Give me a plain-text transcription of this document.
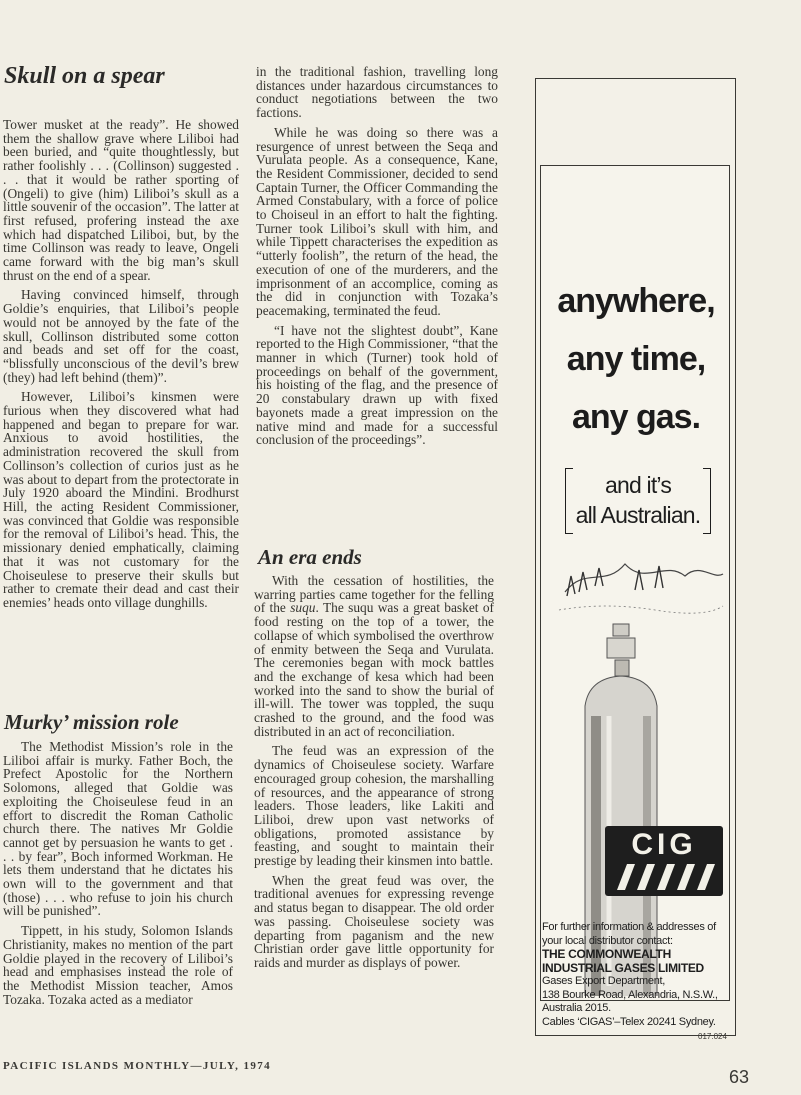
Skull on a spear

Tower musket at the ready”. He showed them the shallow grave where Liliboi had been buried, and “quite thoughtlessly, but rather foolishly . . . (Collinson) suggested . . . that it would be rather sporting of (Ongeli) to give (him) Liliboi’s skull as a little souvenir of the occasion”. The latter at first refused, profering instead the axe which had dispatched Liliboi, but, by the time Collinson was ready to leave, Ongeli came forward with the big man’s skull thrust on the end of a spear.

Having convinced himself, through Goldie’s enquiries, that Liliboi’s people would not be annoyed by the fate of the skull, Collinson distributed some cotton and beads and set off for the coast, “blissfully unconscious of the devil’s brew (they) had left behind (them)”.

However, Liliboi’s kinsmen were furious when they discovered what had happened and began to prepare for war. Anxious to avoid hostilities, the administration recovered the skull from Collinson’s collection of curios just as he was about to depart from the protectorate in July 1920 aboard the Mindini. Brodhurst Hill, the acting Resident Commissioner, was convinced that Goldie was responsible for the removal of Liliboi’s head. This, the missionary denied emphatically, claiming that it was not customary for the Choiseulese to preserve their skulls but rather to cremate their dead and cast their enemies’ heads onto village dunghills.

Murky’ mission role

The Methodist Mission’s role in the Liliboi affair is murky. Father Boch, the Prefect Apostolic for the Northern Solomons, alleged that Goldie was exploiting the Choiseulese feud in an effort to discredit the Roman Catholic church there. The natives Mr Goldie cannot get by persuasion he wants to get . . . by fear”, Boch informed Workman. He lets them understand that he dictates his own will to the government and that (those) . . . who refuse to join his church will be punished”.

Tippett, in his study, Solomon Islands Christianity, makes no mention of the part Goldie played in the recovery of Liliboi’s head and emphasises instead the role of the Methodist Mission teacher, Amos Tozaka. Tozaka acted as a mediator

in the traditional fashion, travelling long distances under hazardous circumstances to conduct negotiations between the two factions.

While he was doing so there was a resurgence of unrest between the Seqa and Vurulata people. As a consequence, Kane, the Resident Commissioner, decided to send Captain Turner, the Officer Commanding the Armed Constabulary, with a force of police to Choiseul in an effort to halt the fighting. Turner took Liliboi’s skull with him, and while Tippett characterises the expedition as “utterly foolish”, the return of the head, the execution of one of the murderers, and the imprisonment of an accomplice, coming as the did in conjunction with Tozaka’s peacemaking, terminated the feud.

“I have not the slightest doubt”, Kane reported to the High Commissioner, “that the manner in which (Turner) took hold of proceedings on behalf of the government, his hoisting of the flag, and the presence of 20 constabulary drawn up with fixed bayonets made a great impression on the native mind and made for a successful conclusion of the proceedings”.

An era ends

With the cessation of hostilities, the warring parties came together for the felling of the suqu. The suqu was a great basket of food resting on the top of a tower, the collapse of which symbolised the overthrow of enmity between the Seqa and Vurulata. The ceremonies began with mock battles and the exchange of kesa which had been worked into the sand to show the burial of ill-will. The tower was toppled, the suqu crashed to the ground, and the food was distributed in an act of reconciliation.

The feud was an expression of the dynamics of Choiseulese society. Warfare encouraged group cohesion, the marshalling of resources, and the appearance of strong leaders. Those leaders, like Lakiti and Liliboi, drew upon vast networks of obligations, promoted assistance by feasting, and sought to maintain their prestige by leading their kinsmen into battle.

When the great feud was over, the traditional avenues for expressing revenge and status began to disappear. The old order was passing. Choiseulese society was departing from paganism and the new Christian order gave little opportunity for raids and murder as displays of power.

anywhere,
any time,
any gas.
and it’s
all Australian.
CIG
For further information & addresses of your local distributor contact:
THE COMMONWEALTH
INDUSTRIAL GASES LIMITED
Gases Export Department,
138 Bourke Road, Alexandria, N.S.W., Australia 2015.
Cables ‘CIGAS’–Telex 20241 Sydney.
017.024
PACIFIC ISLANDS MONTHLY—JULY, 1974
63
